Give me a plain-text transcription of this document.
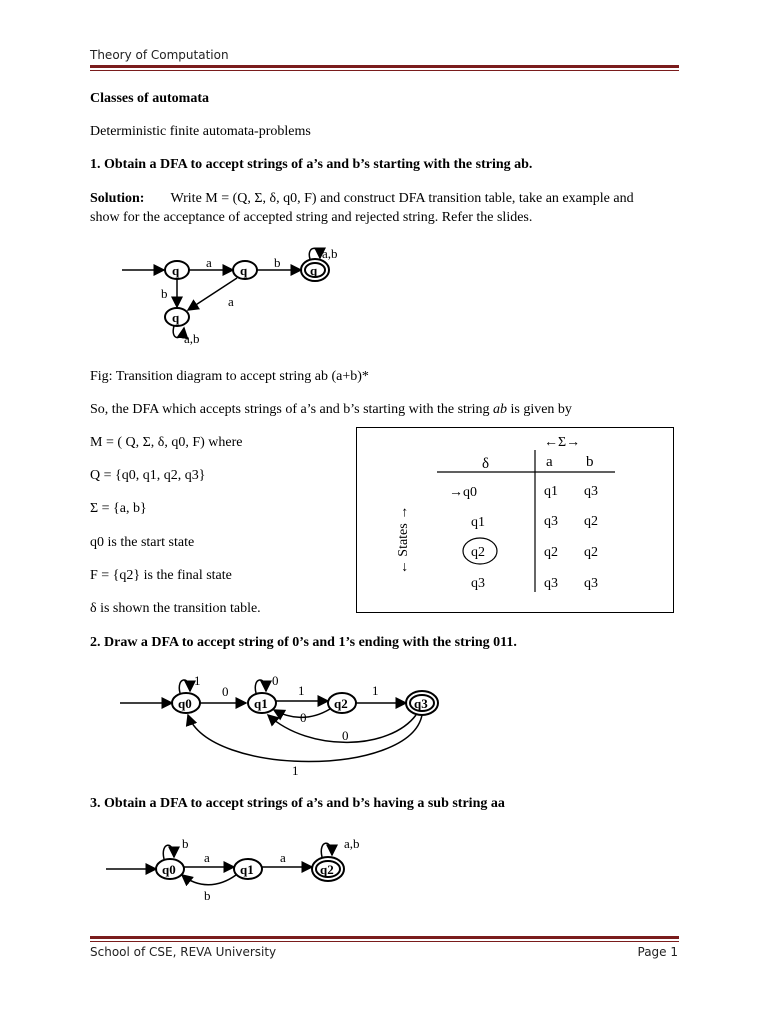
Theory of Computation
Classes of automata
Deterministic finite automata-problems
1. Obtain a DFA to accept strings of a’s and b’s starting with the string ab.
Solution: Write M = (Q, Σ, δ, q0, F) and construct DFA transition table, take an example and
show for the acceptance of accepted string and rejected string. Refer the slides.
q
a
q
b
q
a,b
b
a
q
a,b
Fig: Transition diagram to accept string ab (a+b)*
So, the DFA which accepts strings of a’s and b’s starting with the string ab is given by
M = ( Q, Σ, δ, q0, F) where
Q = {q0, q1, q2, q3}
Σ = {a, b}
q0 is the start state
F = {q2} is the final state
δ is shown the transition table.
←Σ→
δ	a b
← States →
→q0	q1 q3
q1	q3 q2
q2	q2 q2
q3	q3 q3
2. Draw a DFA to accept string of 0’s and 1’s ending with the string 011.
q0
1
0
q1
0
1
q2
0
1
q3
0
1
3. Obtain a DFA to accept strings of a’s and b’s having a sub string aa
q0
b
a
q1
b
a
q2
a,b
School of CSE, REVA University	Page 1
